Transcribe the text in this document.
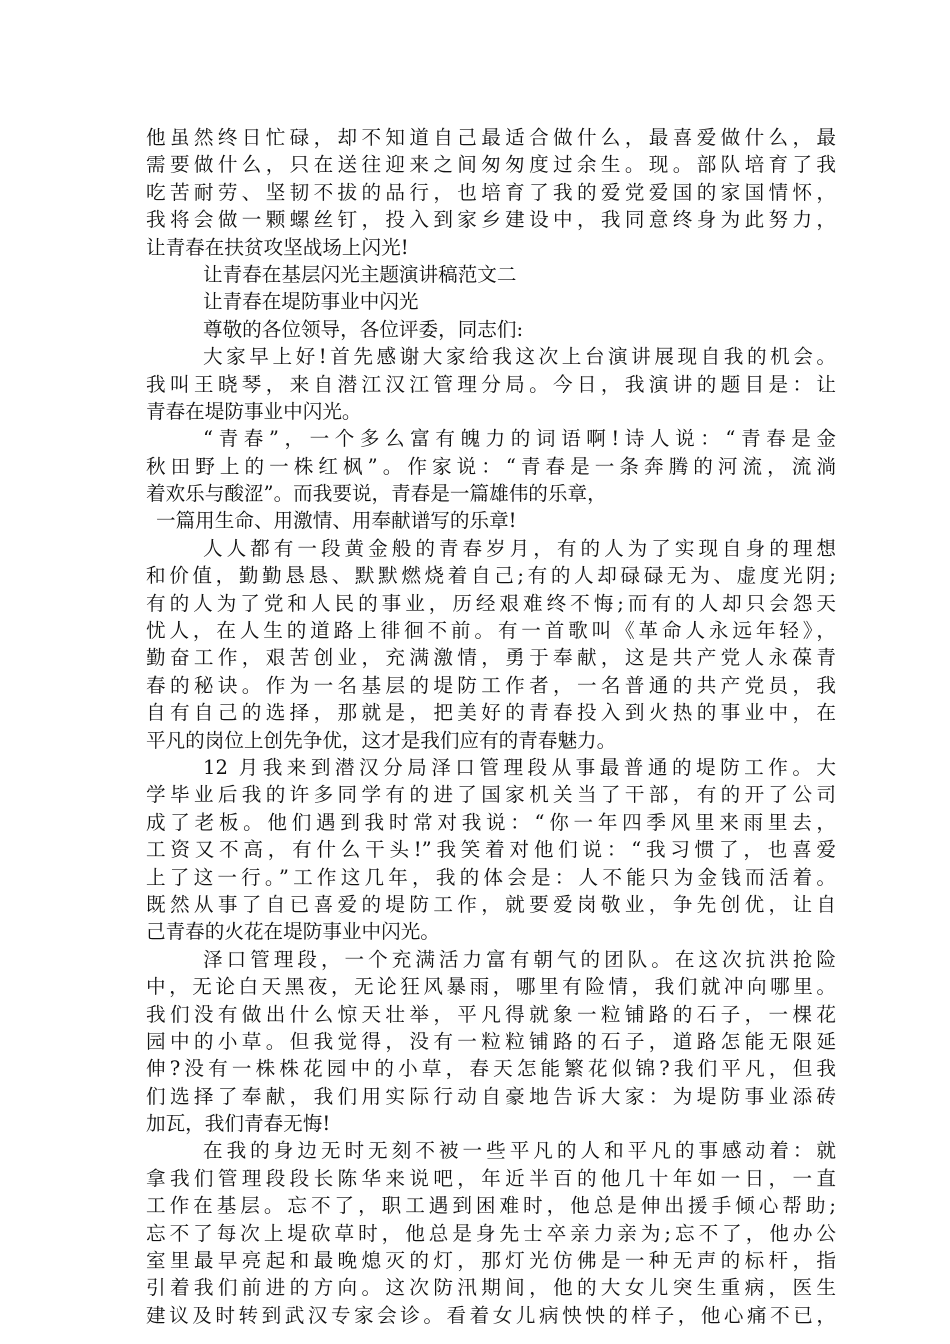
他虽然终日忙碌，却不知道自己最适合做什么，最喜爱做什么，最
需要做什么，只在送往迎来之间匆匆度过余生。现。部队培育了我
吃苦耐劳、坚韧不拔的品行，也培育了我的爱党爱国的家国情怀，
我将会做一颗螺丝钉，投入到家乡建设中，我同意终身为此努力，
让青春在扶贫攻坚战场上闪光!
让青春在基层闪光主题演讲稿范文二
让青春在堤防事业中闪光
尊敬的各位领导，各位评委，同志们:
大家早上好!首先感谢大家给我这次上台演讲展现自我的机会。
我叫王晓琴，来自潜江汉江管理分局。今日，我演讲的题目是：让
青春在堤防事业中闪光。
“青春”，一个多么富有魄力的词语啊!诗人说：“青春是金
秋田野上的一株红枫”。作家说：“青春是一条奔腾的河流，流淌
着欢乐与酸涩”。而我要说，青春是一篇雄伟的乐章，
一篇用生命、用激情、用奉献谱写的乐章!
人人都有一段黄金般的青春岁月，有的人为了实现自身的理想
和价值，勤勤恳恳、默默燃烧着自己;有的人却碌碌无为、虚度光阴;
有的人为了党和人民的事业，历经艰难终不悔;而有的人却只会怨天
忧人，在人生的道路上徘徊不前。有一首歌叫《革命人永远年轻》，
勤奋工作，艰苦创业，充满激情，勇于奉献，这是共产党人永葆青
春的秘诀。作为一名基层的堤防工作者，一名普通的共产党员，我
自有自己的选择，那就是，把美好的青春投入到火热的事业中，在
平凡的岗位上创先争优，这才是我们应有的青春魅力。
12 月我来到潜汉分局泽口管理段从事最普通的堤防工作。大
学毕业后我的许多同学有的进了国家机关当了干部，有的开了公司
成了老板。他们遇到我时常对我说：“你一年四季风里来雨里去，
工资又不高，有什么干头!”我笑着对他们说：“我习惯了，也喜爱
上了这一行。”工作这几年，我的体会是：人不能只为金钱而活着。
既然从事了自已喜爱的堤防工作，就要爱岗敬业，争先创优，让自
己青春的火花在堤防事业中闪光。
泽口管理段，一个充满活力富有朝气的团队。在这次抗洪抢险
中，无论白天黑夜，无论狂风暴雨，哪里有险情，我们就冲向哪里。
我们没有做出什么惊天壮举，平凡得就象一粒铺路的石子，一棵花
园中的小草。但我觉得，没有一粒粒铺路的石子，道路怎能无限延
伸?没有一株株花园中的小草，春天怎能繁花似锦?我们平凡，但我
们选择了奉献，我们用实际行动自豪地告诉大家：为堤防事业添砖
加瓦，我们青春无悔!
在我的身边无时无刻不被一些平凡的人和平凡的事感动着：就
拿我们管理段段长陈华来说吧，年近半百的他几十年如一日，一直
工作在基层。忘不了，职工遇到困难时，他总是伸出援手倾心帮助;
忘不了每次上堤砍草时，他总是身先士卒亲力亲为;忘不了，他办公
室里最早亮起和最晚熄灭的灯，那灯光仿佛是一种无声的标杆，指
引着我们前进的方向。这次防汛期间，他的大女儿突生重病，医生
建议及时转到武汉专家会诊。看着女儿病怏怏的样子，他心痛不已，
